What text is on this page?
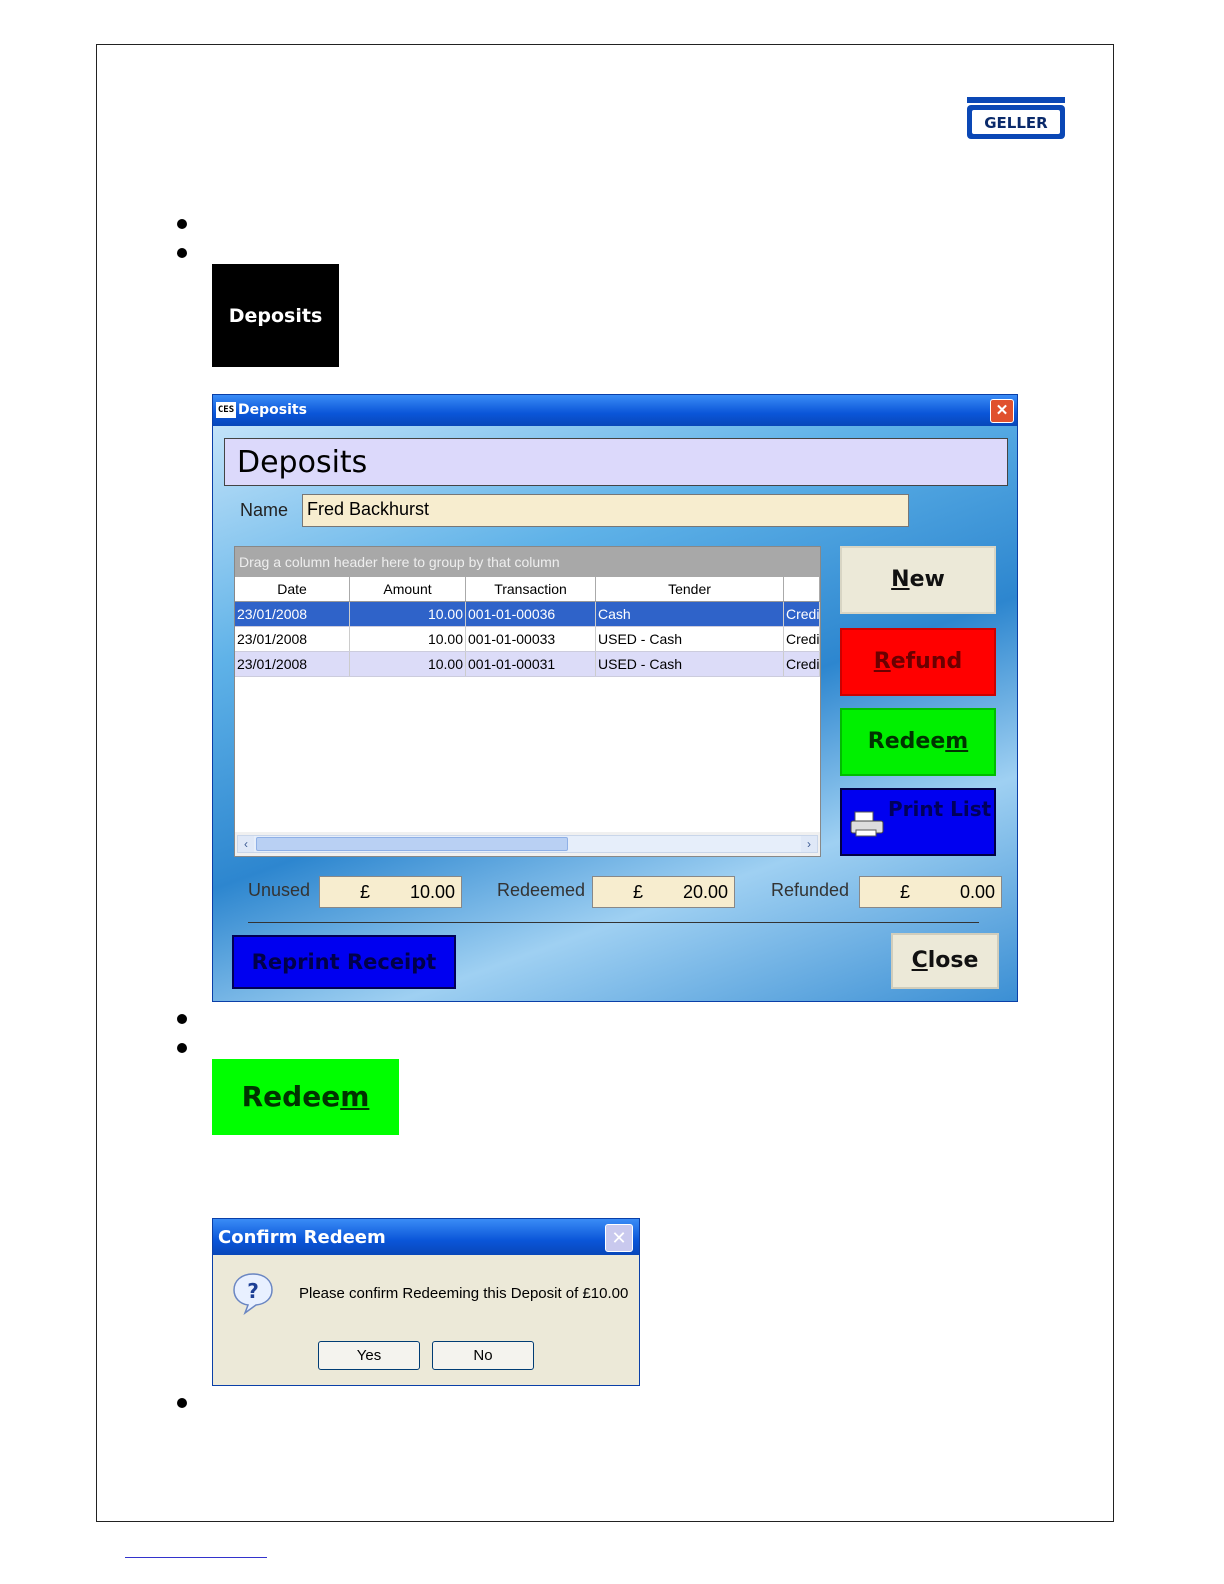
GELLER
Deposits
CES Deposits	✕
Deposits
Name Fred Backhurst
Drag a column header here to group by that column
Date	Amount	Transaction	Tender
23/01/2008	10.00 001-01-00036	Cash	Credi
23/01/2008	10.00 001-01-00033	USED - Cash	Credi
23/01/2008	10.00 001-01-00031	USED - Cash	Credi
‹	›
New
Refund
Redeem
Print List
Unused	£ 10.00 Redeemed	£ 20.00 Refunded	£	0.00
Reprint Receipt	Close
Redeem
Confirm Redeem	✕
?	Please confirm Redeeming this Deposit of £10.00
Yes	No
